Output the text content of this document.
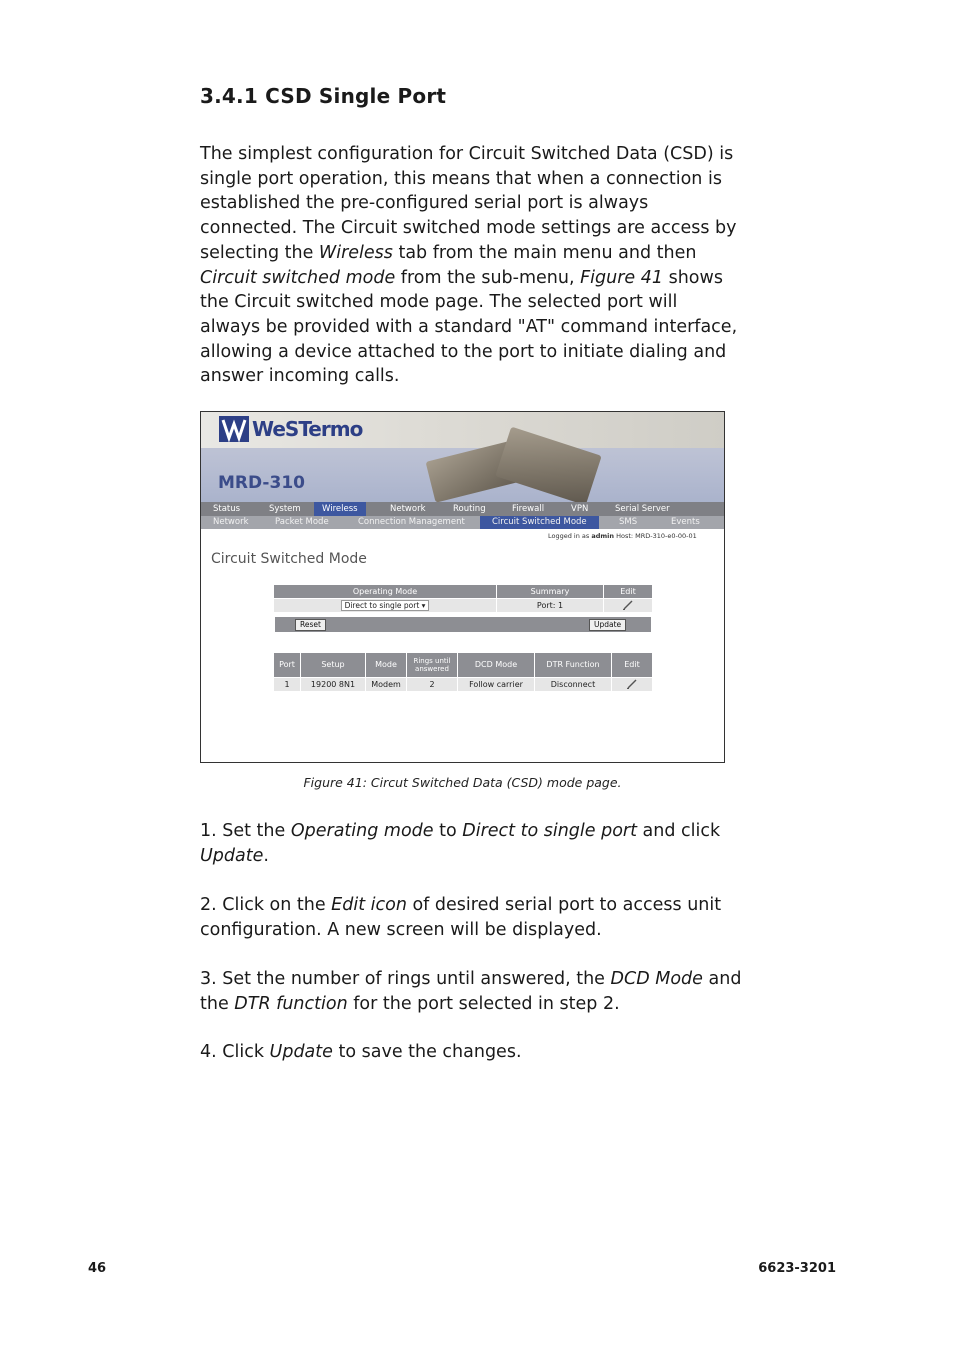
3.4.1 CSD Single Port
The simplest configuration for Circuit Switched Data (CSD) is single port operation, this means that when a connection is established the pre-configured serial port is always connected. The Circuit switched mode settings are access by selecting the Wireless tab from the main menu and then Circuit switched mode from the sub-menu, Figure 41 shows the Circuit switched mode page. The selected port will always be provided with a standard "AT" command interface, allowing a device attached to the port to initiate dialing and answer incoming calls.
WeSTermo
MRD-310
Status	System	Wireless	Network	Routing	Firewall	VPN	Serial Server
Network	Packet Mode	Connection Management	Circuit Switched Mode	SMS	Events
Logged in as admin Host: MRD-310-e0-00-01
Circuit Switched Mode
Operating Mode	Summary	Edit
Direct to single port ▾	Port: 1	
Reset	Update
Port	Setup	Mode	Rings until answered	DCD Mode	DTR Function	Edit
1	19200 8N1	Modem	2	Follow carrier	Disconnect	
Figure 41: Circut Switched Data (CSD) mode page.
1. Set the Operating mode to Direct to single port and click
Update.
2. Click on the Edit icon of desired serial port to access unit configuration. A new screen will be displayed.
3. Set the number of rings until answered, the DCD Mode and the DTR function for the port selected in step 2.
4. Click Update to save the changes.
46	6623-3201
